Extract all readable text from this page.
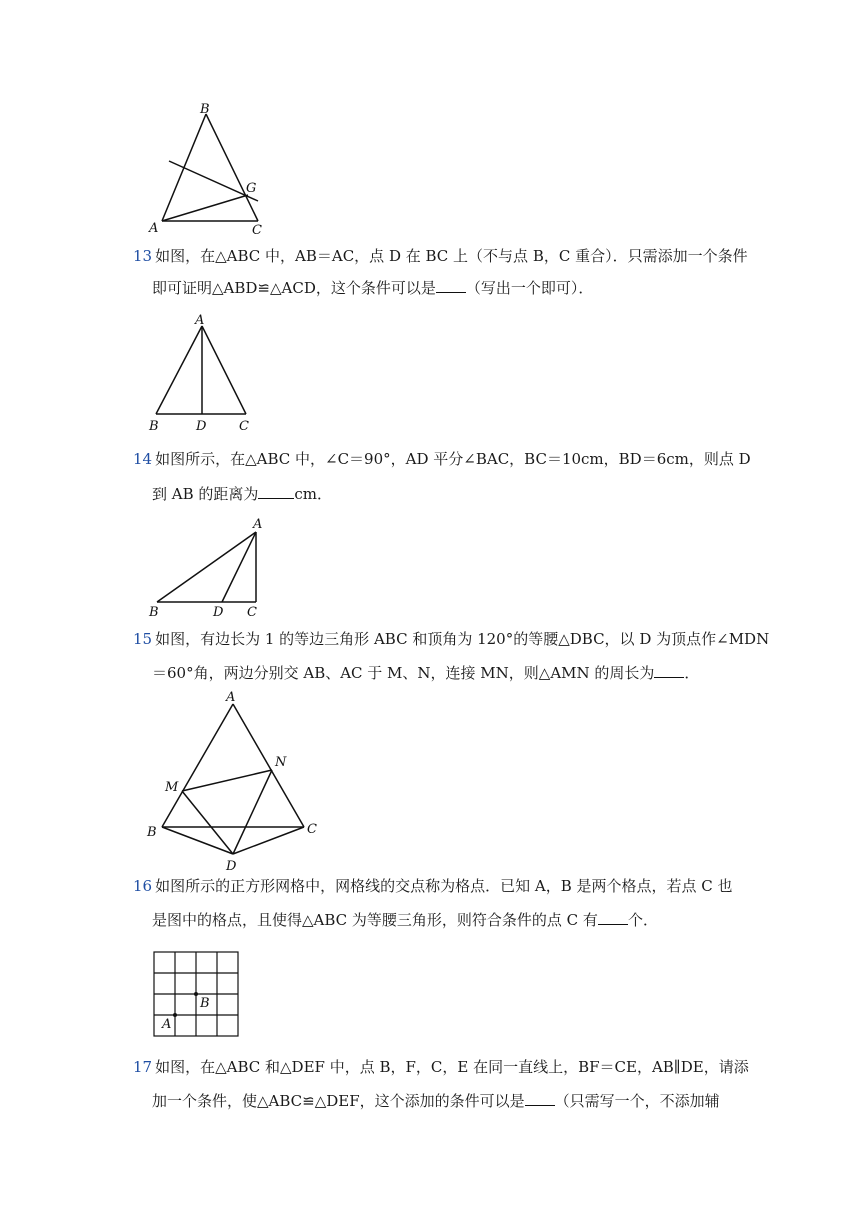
B
G
A	C
13 如图，在△ABC 中，AB＝AC，点 D 在 BC 上（不与点 B，C 重合）．只需添加一个条件
即可证明△ABD≌△ACD，这个条件可以是 （写出一个即可）．
A
B	D	C
14 如图所示，在△ABC 中，∠C＝90°，AD 平分∠BAC，BC＝10cm，BD＝6cm，则点 D
到 AB 的距离为 cm．
A
B	D C
15 如图，有边长为 1 的等边三角形 ABC 和顶角为 120°的等腰△DBC，以 D 为顶点作∠MDN
＝60°角，两边分别交 AB、AC 于 M、N，连接 MN，则△AMN 的周长为 ．
A
N
M
B	C
D
16 如图所示的正方形网格中，网格线的交点称为格点．已知 A，B 是两个格点，若点 C 也
是图中的格点，且使得△ABC 为等腰三角形，则符合条件的点 C 有 个．
B
A
17 如图，在△ABC 和△DEF 中，点 B，F，C，E 在同一直线上，BF＝CE，AB∥DE，请添
加一个条件，使△ABC≌△DEF，这个添加的条件可以是 （只需写一个，不添加辅
